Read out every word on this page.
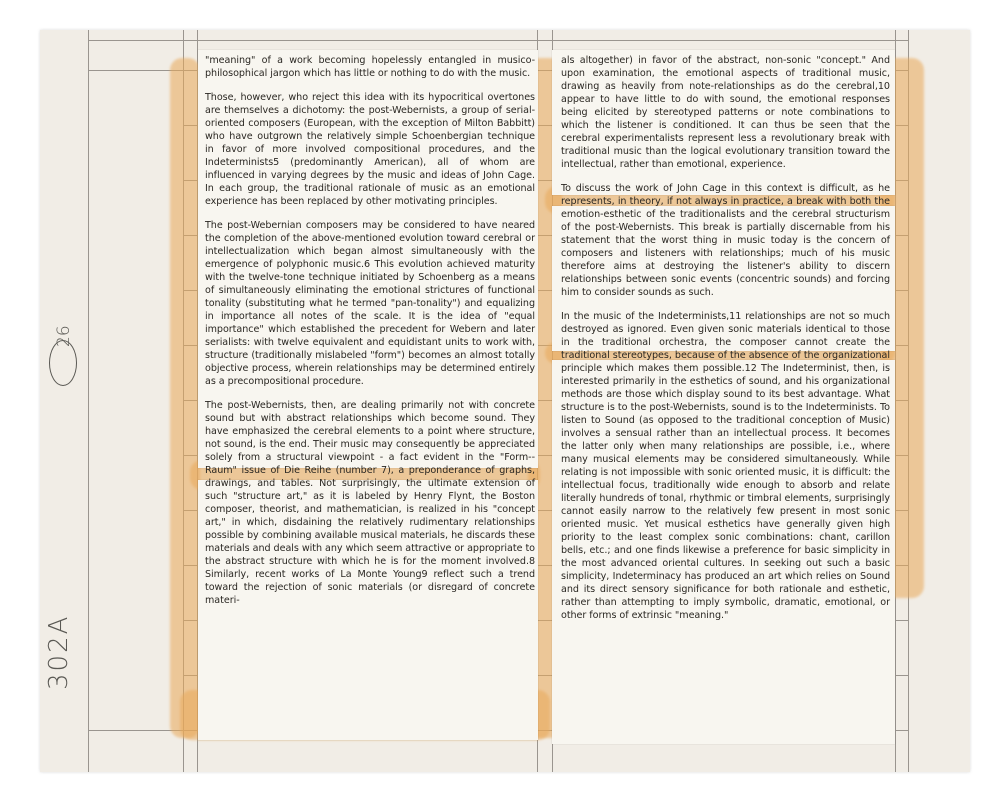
"meaning" of a work becoming hopelessly entangled in musico-philosophical jargon which has little or nothing to do with the music.

Those, however, who reject this idea with its hypocritical overtones are themselves a dichotomy: the post-Webernists, a group of serial-oriented composers (European, with the exception of Milton Babbitt) who have outgrown the relatively simple Schoenbergian technique in favor of more involved compositional procedures, and the Indeterminists5 (predominantly American), all of whom are influenced in varying degrees by the music and ideas of John Cage. In each group, the traditional rationale of music as an emotional experience has been replaced by other motivating principles.

The post-Webernian composers may be considered to have neared the completion of the above-mentioned evolution toward cerebral or intellectualization which began almost simultaneously with the emergence of polyphonic music.6 This evolution achieved maturity with the twelve-tone technique initiated by Schoenberg as a means of simultaneously eliminating the emotional strictures of functional tonality (substituting what he termed "pan-tonality") and equalizing in importance all notes of the scale. It is the idea of "equal importance" which established the precedent for Webern and later serialists: with twelve equivalent and equidistant units to work with, structure (traditionally mislabeled "form") becomes an almost totally objective process, wherein relationships may be determined entirely as a precompositional procedure.

The post-Webernists, then, are dealing primarily not with concrete sound but with abstract relationships which become sound. They have emphasized the cerebral elements to a point where structure, not sound, is the end. Their music may consequently be appreciated solely from a structural viewpoint - a fact evident in the "Form--Raum" issue of Die Reihe (number 7), a preponderance of graphs, drawings, and tables. Not surprisingly, the ultimate extension of such "structure art," as it is labeled by Henry Flynt, the Boston composer, theorist, and mathematician, is realized in his "concept art," in which, disdaining the relatively rudimentary relationships possible by combining available musical materials, he discards these materials and deals with any which seem attractive or appropriate to the abstract structure with which he is for the moment involved.8 Similarly, recent works of La Monte Young9 reflect such a trend toward the rejection of sonic materials (or disregard of concrete materi-

als altogether) in favor of the abstract, non-sonic "concept." And upon examination, the emotional aspects of traditional music, drawing as heavily from note-relationships as do the cerebral,10 appear to have little to do with sound, the emotional responses being elicited by stereotyped patterns or note combinations to which the listener is conditioned. It can thus be seen that the cerebral experimentalists represent less a revolutionary break with traditional music than the logical evolutionary transition toward the intellectual, rather than emotional, experience.

To discuss the work of John Cage in this context is difficult, as he represents, in theory, if not always in practice, a break with both the emotion-esthetic of the traditionalists and the cerebral structurism of the post-Webernists. This break is partially discernable from his statement that the worst thing in music today is the concern of composers and listeners with relationships; much of his music therefore aims at destroying the listener's ability to discern relationships between sonic events (concentric sounds) and forcing him to consider sounds as such.

In the music of the Indeterminists,11 relationships are not so much destroyed as ignored. Even given sonic materials identical to those in the traditional orchestra, the composer cannot create the traditional stereotypes, because of the absence of the organizational principle which makes them possible.12 The Indeterminist, then, is interested primarily in the esthetics of sound, and his organizational methods are those which display sound to its best advantage. What structure is to the post-Webernists, sound is to the Indeterminists. To listen to Sound (as opposed to the traditional conception of Music) involves a sensual rather than an intellectual process. It becomes the latter only when many relationships are possible, i.e., where many musical elements may be considered simultaneously. While relating is not impossible with sonic oriented music, it is difficult: the intellectual focus, traditionally wide enough to absorb and relate literally hundreds of tonal, rhythmic or timbral elements, surprisingly cannot easily narrow to the relatively few present in most sonic oriented music. Yet musical esthetics have generally given high priority to the least complex sonic combinations: chant, carillon bells, etc.; and one finds likewise a preference for basic simplicity in the most advanced oriental cultures. In seeking out such a basic simplicity, Indeterminacy has produced an art which relies on Sound and its direct sensory significance for both rationale and esthetic, rather than attempting to imply symbolic, dramatic, emotional, or other forms of extrinsic "meaning."

26
302A
